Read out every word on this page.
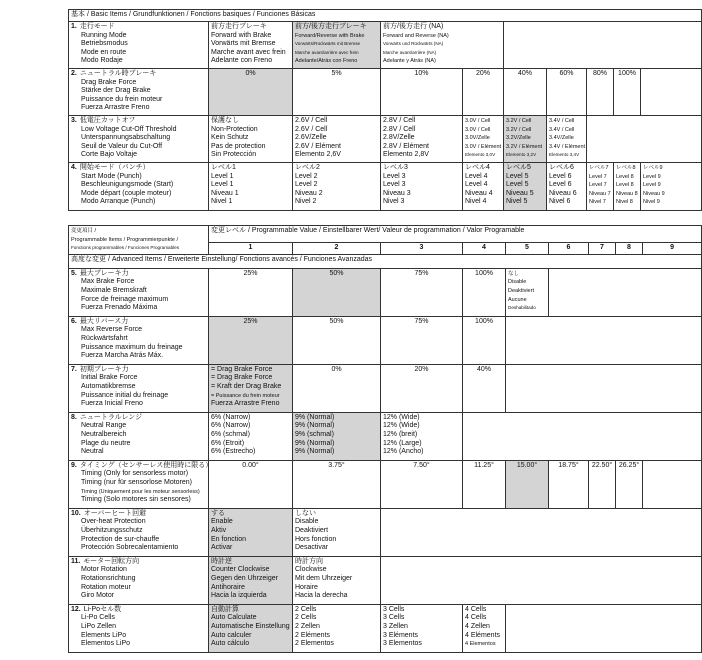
基本 / Basic Items / Grundfunktionen / Fonctions basiques / Funciones Básicas									

1. 走行モード
Running Mode
Betriebsmodus
Mode en route
Modo Rodaje	前方走行ブレーキ
Forward with Brake
Vorwärts mit Bremse
Marche avant avec frein
Adelante con Freno	前方/後方走行ブレーキ
Forward/Reverse with Brake
Vorwärts/Rückwärts mit Bremse
Marche avant/arrière avec frein
Adelante/Atrás con Freno	前方/後方走行 (NA)
Forward and Reverse (NA)
Vorwärts und Rückwärts (NA)
Marche avant/arrière (NA)
Adelante y Atrás (NA)						

2. ニュートラル時ブレーキ
Drag Brake Force
Stärke der Drag Brake
Puissance du frein moteur
Fuerza Arrastre Freno	0%	5%	10%	20%	40%	60%	80%	100%	

3. 低電圧カットオフ
Low Voltage Cut-Off Threshold
Unterspannungsabschaltung
Seuil de Valeur du Cut-Off
Corte Bajo Voltaje	保護なし
Non-Protection
Kein Schutz
Pas de protection
Sin Protección	2.6V / Cell
2.6V / Cell
2.6V/Zelle
2.6V / Elément
Elemento 2,6V	2.8V / Cell
2.8V / Cell
2.8V/Zelle
2.8V / Elément
Elemento 2,8V	3.0V / Cell
3.0V / Cell
3.0V/Zelle
3.0V / Elément
Elemento 3,0V	3.2V / Cell
3.2V / Cell
3.2V/Zelle
3.2V / Elément
Elemento 3,2V	3.4V / Cell
3.4V / Cell
3.4V/Zelle
3.4V / Elément
Elemento 3,4V			

4. 開始モード（パンチ）
Start Mode (Punch)
Beschleunigungsmode (Start)
Mode départ (couple moteur)
Modo Arranque (Punch)	レベル1
Level 1
Level 1
Niveau 1
Nivel 1	レベル2
Level 2
Level 2
Niveau 2
Nivel 2	レベル3
Level 3
Level 3
Niveau 3
Nivel 3	レベル4
Level 4
Level 4
Niveau 4
Nivel 4	レベル5
Level 5
Level 5
Niveau 5
Nivel 5	レベル6
Level 6
Level 6
Niveau 6
Nivel 6	レベル7
Level 7
Level 7
Niveau 7
Nivel 7	レベル8
Level 8
Level 8
Niveau 8
Nivel 8	レベル9
Level 9
Level 9
Niveau 9
Nivel 9
変更項目 /
Programmable Items / Programmierpunkte /
Fonctions programmables / Funciones Programables	変更レベル / Programmable Value / Einstellbarer Wert/ Valeur de programmation / Valor Programable								
	1	2	3	4	5	6	7	8	9
高度な変更 / Advanced Items / Erweiterte Einstellung/ Fonctions avancés / Funciones Avanzadas									

5. 最大ブレーキ力
Max Brake Force
Maximale Bremskraft
Force de freinage maximum
Fuerza Frenado Máxima	25%	50%	75%	100%	なし
Disable
Deaktiviert
Aucune
Deshabilitado				

6. 最大リバース力
Max Reverse Force
Rückwärtsfahrt
Puissance maximum du freinage
Fuerza Marcha Atrás Máx.	25%	50%	75%	100%					

7. 初期ブレーキ力
Initial Brake Force
Automatikbremse
Puissance initial du freinage
Fuerza Inicial Freno	= Drag Brake Force
= Drag Brake Force
= Kraft der Drag Brake
= Puissance du frein moteur
Fuerza Arrastre Freno	0%	20%	40%					

8. ニュートラルレンジ
Neutral Range
Neutralbereich
Plage du neutre
Neutral	6% (Narrow)
6% (Narrow)
6% (schmal)
6% (Etroit)
6% (Estrecho)	9% (Normal)
9% (Normal)
9% (schmal)
9% (Normal)
9% (Normal)	12% (Wide)
12% (Wide)
12% (breit)
12% (Large)
12% (Ancho)						

9. タイミング（センサーレス使用時に限る）
Timing (Only for sensorless motor)
Timing (nur für sensorlose Motoren)
Timing (Uniquement pour les moteur sensorless)
Timing (Solo motores sin sensores)	0.00°	3.75°	7.50°	11.25°	15.00°	18.75°	22.50°	26.25°	

10. オーバーヒート回避
Over-heat Protection
Überhitzungsschutz
Protection de sur-chauffe
Protección Sobrecalentamiento	する
Enable
Aktiv
En fonction
Activar	しない
Disable
Deaktiviert
Hors fonction
Desactivar							

11. モーター回転方向
Motor Rotation
Rotationsrichtung
Rotation moteur
Giro Motor	時計逆
Counter Clockwise
Gegen den Uhrzeiger
Antihoraire
Hacia la izquierda	時計方向
Clockwise
Mit dem Uhrzeiger
Horaire
Hacia la derecha							

12. Li-Poセル数
Li-Po Cells
LiPo Zellen
Elements LiPo
Elementos LiPo	自動計算
Auto Calculate
Automatische Einstellung
Auto calculer
Auto cálculo	2 Cells
2 Cells
2 Zellen
2 Eléments
2 Elementos	3 Cells
3 Cells
3 Zellen
3 Eléments
3 Elementos	4 Cells
4 Cells
4 Zellen
4 Eléments
4 Elementos					
